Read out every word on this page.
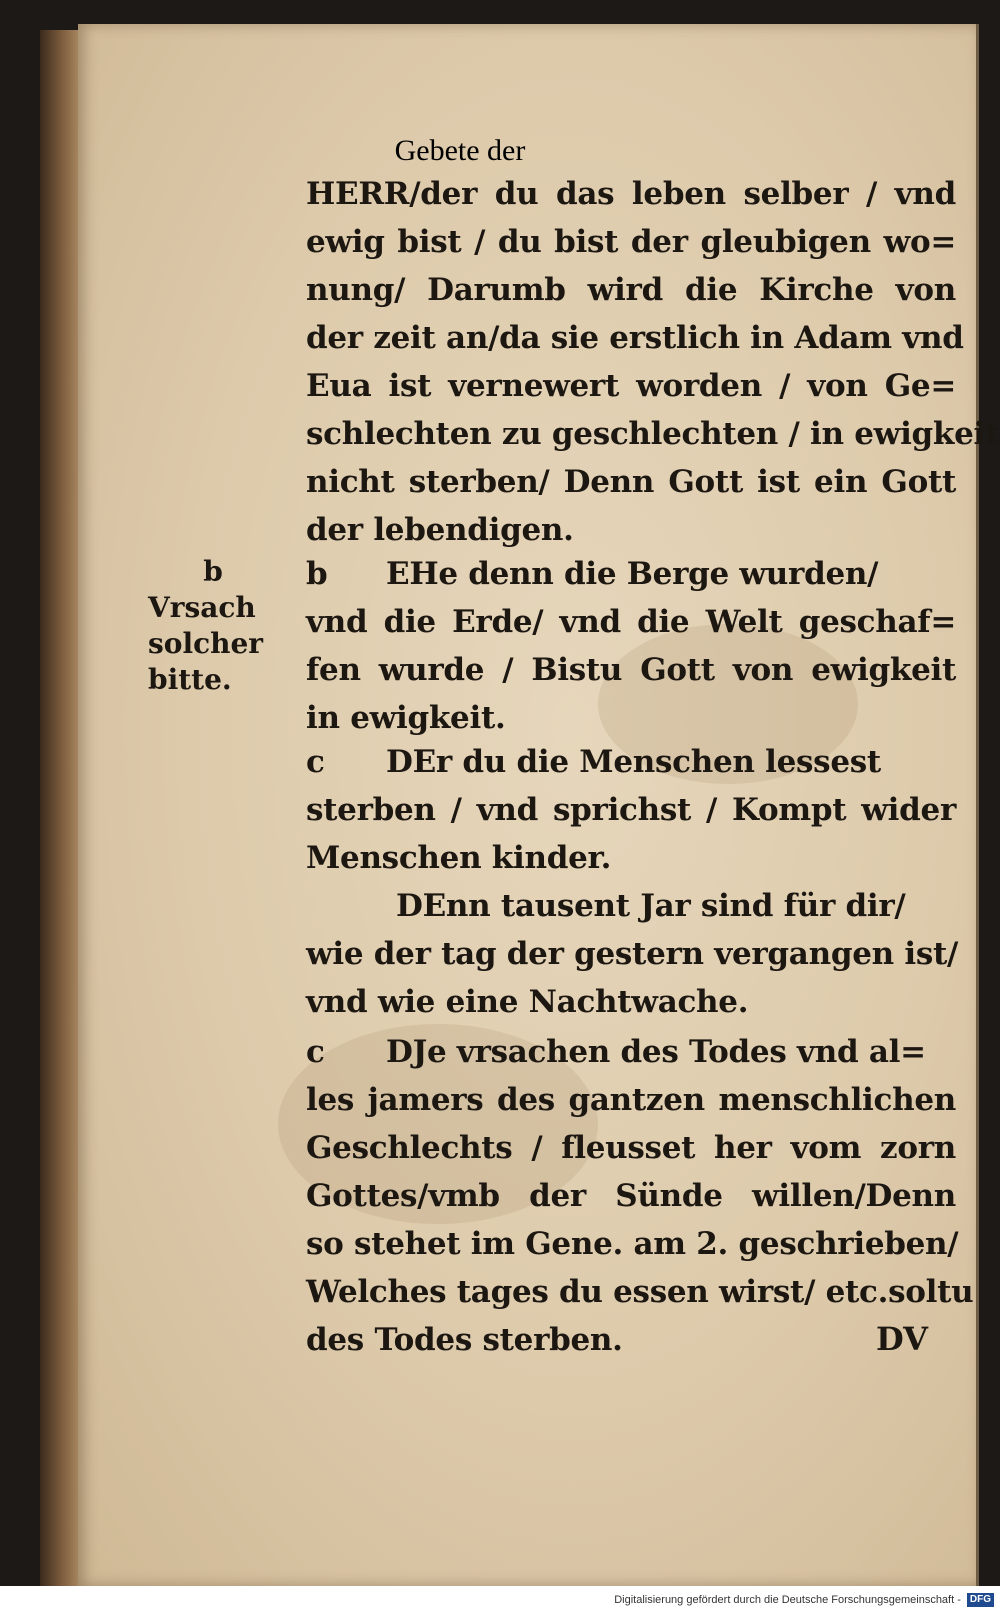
Gebete der
HERR/der du das leben selber / vnd
ewig bist / du bist der gleubigen wo=
nung/ Darumb wird die Kirche von
der zeit an/da sie erstlich in Adam vnd
Eua ist vernewert worden / von Ge=
schlechten zu geschlechten / in ewigkeit
nicht sterben/ Denn Gott ist ein Gott
der lebendigen.
b EHe denn die Berge wurden/
vnd die Erde/ vnd die Welt geschaf=
fen wurde / Bistu Gott von ewigkeit
in ewigkeit.
c DEr du die Menschen lessest
sterben / vnd sprichst / Kompt wider
Menschen kinder.
DEnn tausent Jar sind für dir/
wie der tag der gestern vergangen ist/
vnd wie eine Nachtwache.
c DJe vrsachen des Todes vnd al=
les jamers des gantzen menschlichen
Geschlechts / fleusset her vom zorn
Gottes/vmb der Sünde willen/Denn
so stehet im Gene. am 2. geschrieben/
Welches tages du essen wirst/ etc.soltu
des Todes sterben.
b
Vrsach
solcher
bitte.
DV
Digitalisierung gefördert durch die Deutsche Forschungsgemeinschaft - DFG
